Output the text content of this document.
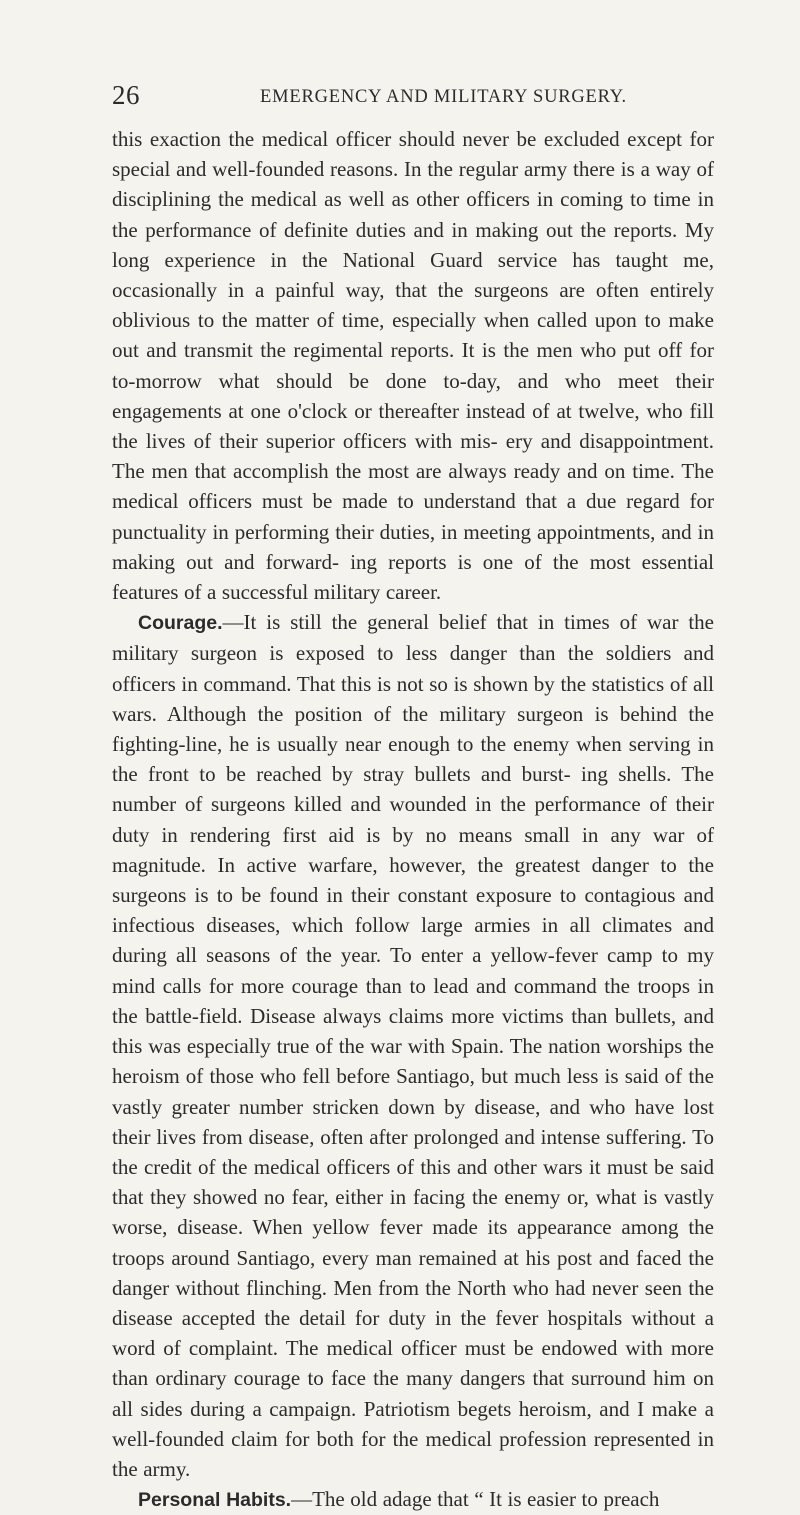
26	EMERGENCY AND MILITARY SURGERY.

this exaction the medical officer should never be excluded except for special and well-founded reasons. In the regular army there is a way of disciplining the medical as well as other officers in coming to time in the performance of definite duties and in making out the reports. My long experience in the National Guard service has taught me, occasionally in a painful way, that the surgeons are often entirely oblivious to the matter of time, especially when called upon to make out and transmit the regimental reports. It is the men who put off for to-morrow what should be done to-day, and who meet their engagements at one o'clock or thereafter instead of at twelve, who fill the lives of their superior officers with mis- ery and disappointment. The men that accomplish the most are always ready and on time. The medical officers must be made to understand that a due regard for punctuality in performing their duties, in meeting appointments, and in making out and forward- ing reports is one of the most essential features of a successful military career.

Courage.—It is still the general belief that in times of war the military surgeon is exposed to less danger than the soldiers and officers in command. That this is not so is shown by the statistics of all wars. Although the position of the military surgeon is behind the fighting-line, he is usually near enough to the enemy when serving in the front to be reached by stray bullets and burst- ing shells. The number of surgeons killed and wounded in the performance of their duty in rendering first aid is by no means small in any war of magnitude. In active warfare, however, the greatest danger to the surgeons is to be found in their constant exposure to contagious and infectious diseases, which follow large armies in all climates and during all seasons of the year. To enter a yellow-fever camp to my mind calls for more courage than to lead and command the troops in the battle-field. Disease always claims more victims than bullets, and this was especially true of the war with Spain. The nation worships the heroism of those who fell before Santiago, but much less is said of the vastly greater number stricken down by disease, and who have lost their lives from disease, often after prolonged and intense suffering. To the credit of the medical officers of this and other wars it must be said that they showed no fear, either in facing the enemy or, what is vastly worse, disease. When yellow fever made its appearance among the troops around Santiago, every man remained at his post and faced the danger without flinching. Men from the North who had never seen the disease accepted the detail for duty in the fever hospitals without a word of complaint. The medical officer must be endowed with more than ordinary courage to face the many dangers that surround him on all sides during a campaign. Patriotism begets heroism, and I make a well-founded claim for both for the medical profession represented in the army.

Personal Habits.—The old adage that “ It is easier to preach
